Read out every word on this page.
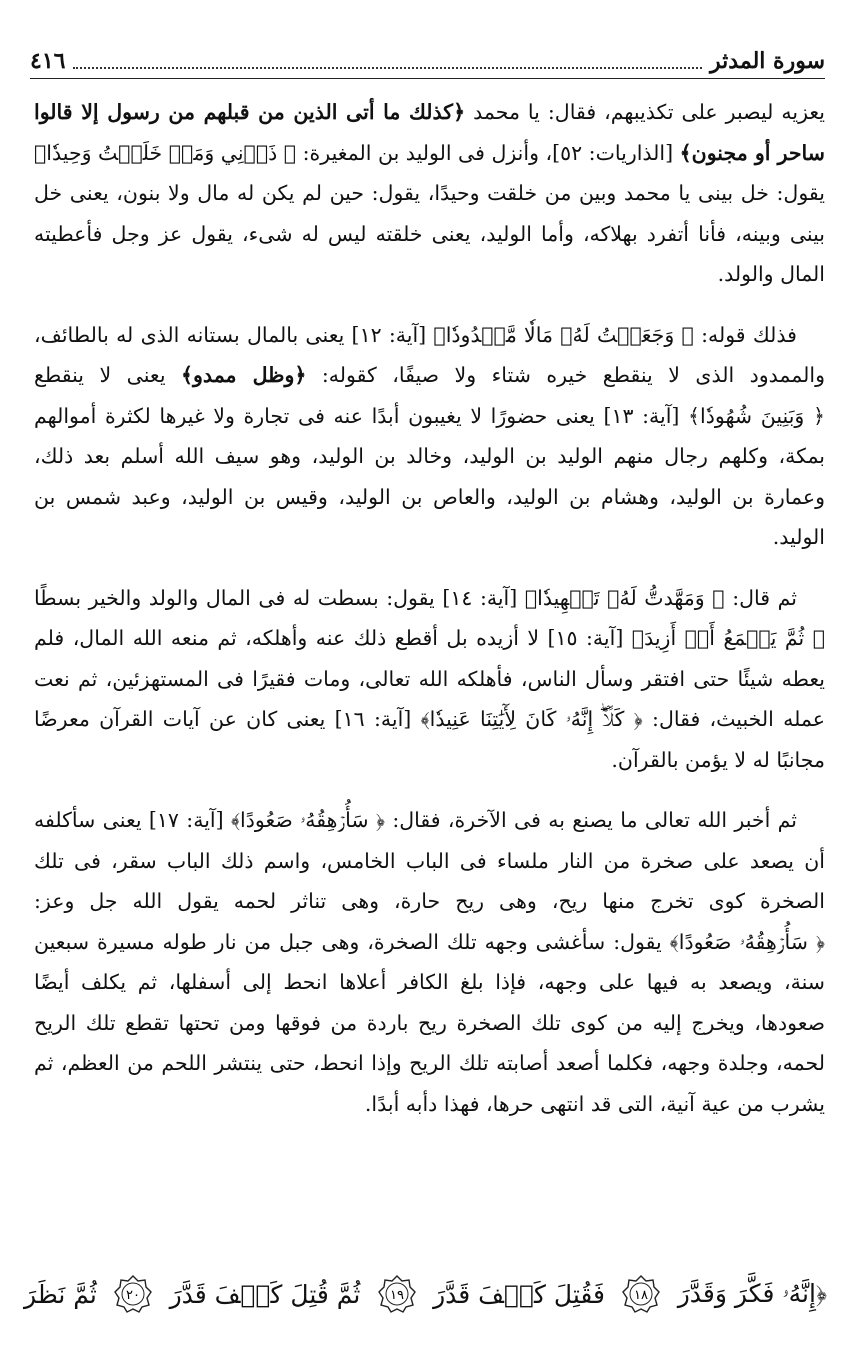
سورة المدثر
٤١٦

يعزيه ليصبر على تكذيبهم، فقال: يا محمد ﴿كذلك ما أتى الذين من قبلهم من رسول إلا قالوا ساحر أو مجنون﴾ [الذاريات: ٥٢]، وأنزل فى الوليد بن المغيرة: ﴿ ذَرۡنِي وَمَنۡ خَلَقۡتُ وَحِيدٗا﴾ يقول: خل بينى يا محمد وبين من خلقت وحيدًا، يقول: حين لم يكن له مال ولا بنون، يعنى خل بينى وبينه، فأنا أتفرد بهلاكه، وأما الوليد، يعنى خلقته ليس له شىء، يقول عز وجل فأعطيته المال والولد.

فذلك قوله: ﴿ وَجَعَلۡتُ لَهُۥ مَالٗا مَّمۡدُودٗا﴾ [آية: ١٢] يعنى بالمال بستانه الذى له بالطائف، والممدود الذى لا ينقطع خيره شتاء ولا صيفًا، كقوله: ﴿وظل ممدو﴾ يعنى لا ينقطع ﴿ وَبَنِينَ شُهُودٗا﴾ [آية: ١٣] يعنى حضورًا لا يغيبون أبدًا عنه فى تجارة ولا غيرها لكثرة أموالهم بمكة، وكلهم رجال منهم الوليد بن الوليد، وخالد بن الوليد، وهو سيف الله أسلم بعد ذلك، وعمارة بن الوليد، وهشام بن الوليد، والعاص بن الوليد، وقيس بن الوليد، وعبد شمس بن الوليد.

ثم قال: ﴿ وَمَهَّدتُّ لَهُۥ تَمۡهِيدٗا﴾ [آية: ١٤] يقول: بسطت له فى المال والولد والخير بسطًا ﴿ ثُمَّ يَطۡمَعُ أَنۡ أَزِيدَ﴾ [آية: ١٥] لا أزيده بل أقطع ذلك عنه وأهلكه، ثم منعه الله المال، فلم يعطه شيئًا حتى افتقر وسأل الناس، فأهلكه الله تعالى، ومات فقيرًا فى المستهزئين، ثم نعت عمله الخبيث، فقال: ﴿ كَلَّآۖ إِنَّهُۥ كَانَ لِأٓيَٰتِنَا عَنِيدٗا﴾ [آية: ١٦] يعنى كان عن آيات القرآن معرضًا مجانبًا له لا يؤمن بالقرآن.

ثم أخبر الله تعالى ما يصنع به فى الآخرة، فقال: ﴿ سَأُرۡهِقُهُۥ صَعُودًا﴾ [آية: ١٧] يعنى سأكلفه أن يصعد على صخرة من النار ملساء فى الباب الخامس، واسم ذلك الباب سقر، فى تلك الصخرة كوى تخرج منها ريح، وهى ريح حارة، وهى تناثر لحمه يقول الله جل وعز: ﴿ سَأُرۡهِقُهُۥ صَعُودًا﴾ يقول: سأغشى وجهه تلك الصخرة، وهى جبل من نار طوله مسيرة سبعين سنة، ويصعد به فيها على وجهه، فإذا بلغ الكافر أعلاها انحط إلى أسفلها، ثم يكلف أيضًا صعودها، ويخرج إليه من كوى تلك الصخرة ريح باردة من فوقها ومن تحتها تقطع تلك الريح لحمه، وجلدة وجهه، فكلما أصعد أصابته تلك الريح وإذا انحط، حتى ينتشر اللحم من العظم، ثم يشرب من عية آنية، التى قد انتهى حرها، فهذا دأبه أبدًا.

﴿إِنَّهُۥ فَكَّرَ وَقَدَّرَ
١٨
فَقُتِلَ كَيۡفَ قَدَّرَ
١٩
ثُمَّ قُتِلَ كَيۡفَ قَدَّرَ
٢٠
ثُمَّ نَظَرَ
